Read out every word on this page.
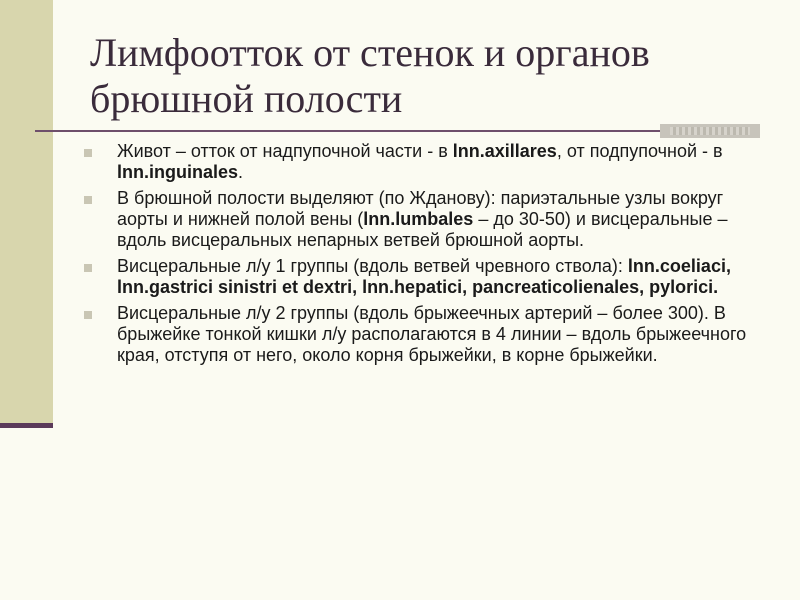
Лимфоотток от стенок и органов
брюшной полости
Живот – отток от надпупочной части - в lnn.axillares, от подпупочной - в lnn.inguinales.
В брюшной полости выделяют (по Жданову): париэтальные узлы вокруг аорты и нижней полой вены (lnn.lumbales – до 30-50) и висцеральные – вдоль висцеральных непарных ветвей брюшной аорты.
Висцеральные л/у 1 группы (вдоль ветвей чревного ствола): lnn.coeliaci, lnn.gastrici sinistri et dextri, lnn.hepatici, pancreaticolienales, pylorici.
Висцеральные л/у 2 группы (вдоль брыжеечных артерий – более 300). В брыжейке тонкой кишки л/у располагаются в 4 линии – вдоль брыжеечного края, отступя от него, около корня брыжейки, в корне брыжейки.
